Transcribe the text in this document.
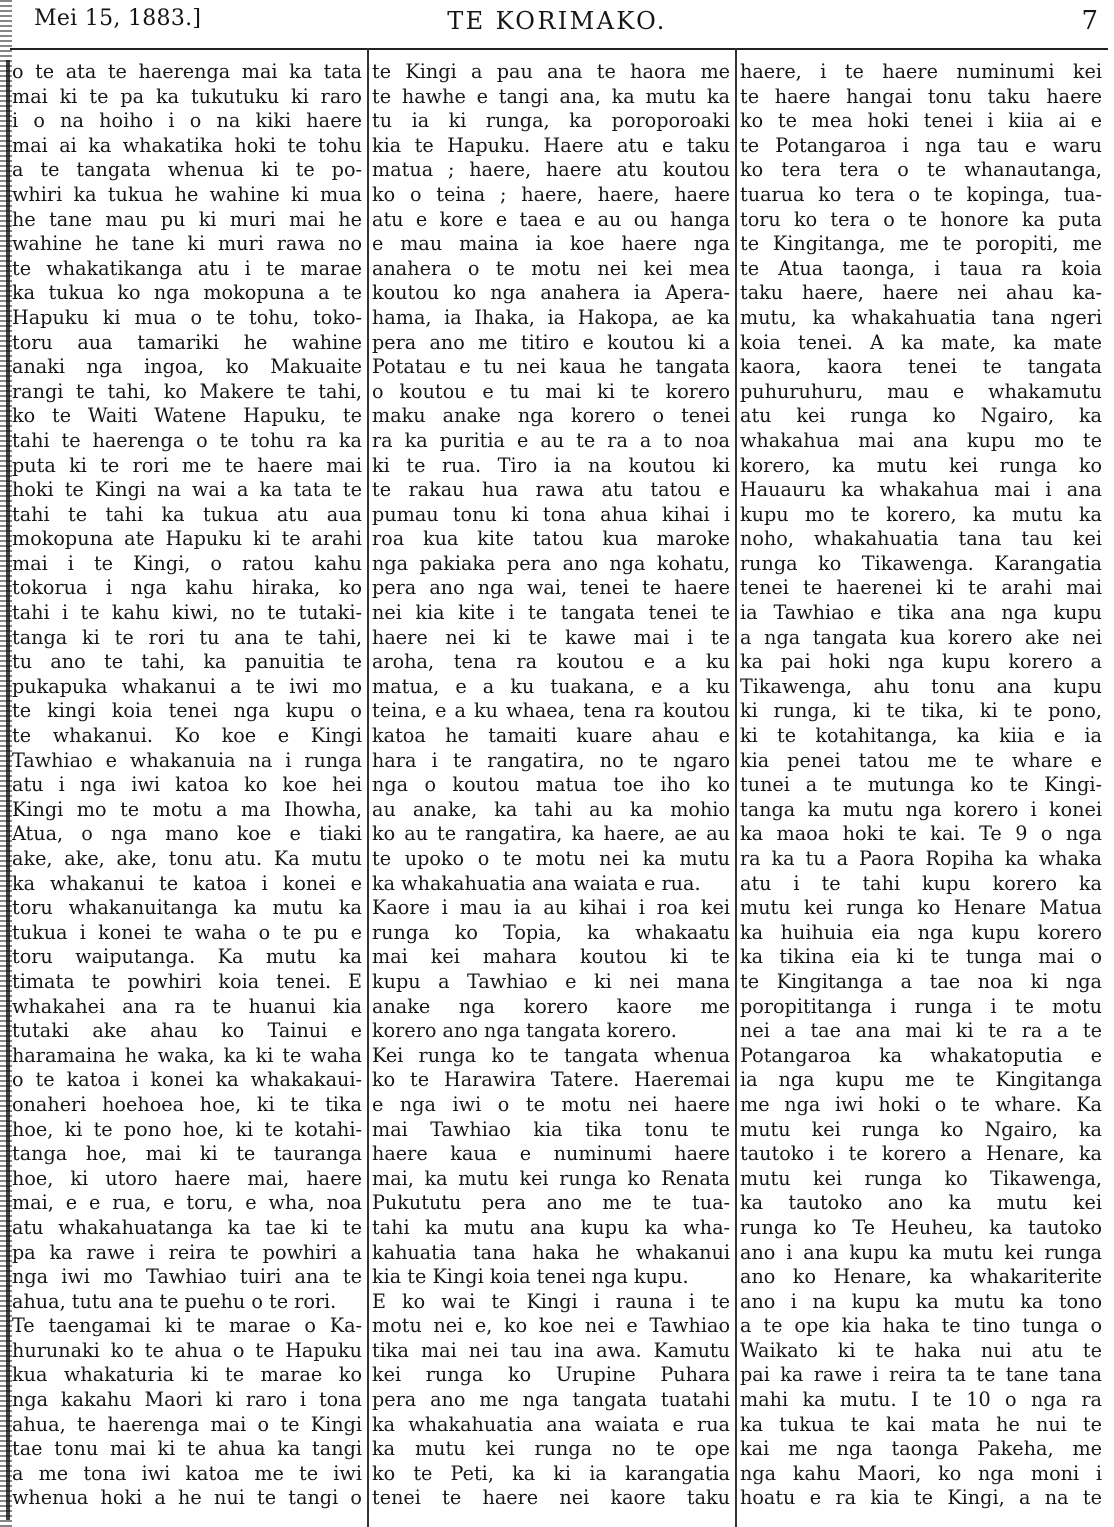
Mei 15, 1883.]	TE KORIMAKO.	7
o te ata te haerenga mai ka tata
mai ki te pa ka tukutuku ki raro
i o na hoiho i o na kiki haere
mai ai ka whakatika hoki te tohu
a te tangata whenua ki te po-
whiri ka tukua he wahine ki mua
he tane mau pu ki muri mai he
wahine he tane ki muri rawa no
te whakatikanga atu i te marae
ka tukua ko nga mokopuna a te
Hapuku ki mua o te tohu, toko-
toru aua tamariki he wahine
anaki nga ingoa, ko Makuaite
rangi te tahi, ko Makere te tahi,
ko te Waiti Watene Hapuku, te
tahi te haerenga o te tohu ra ka
puta ki te rori me te haere mai
hoki te Kingi na wai a ka tata te
tahi te tahi ka tukua atu aua
mokopuna ate Hapuku ki te arahi
mai i te Kingi, o ratou kahu
tokorua i nga kahu hiraka, ko
tahi i te kahu kiwi, no te tutaki-
tanga ki te rori tu ana te tahi,
tu ano te tahi, ka panuitia te
pukapuka whakanui a te iwi mo
te kingi koia tenei nga kupu o
te whakanui. Ko koe e Kingi
Tawhiao e whakanuia na i runga
atu i nga iwi katoa ko koe hei
Kingi mo te motu a ma Ihowha,
Atua, o nga mano koe e tiaki
ake, ake, ake, tonu atu. Ka mutu
ka whakanui te katoa i konei e
toru whakanuitanga ka mutu ka
tukua i konei te waha o te pu e
toru waiputanga. Ka mutu ka
timata te powhiri koia tenei. E
whakahei ana ra te huanui kia
tutaki ake ahau ko Tainui e
haramaina he waka, ka ki te waha
o te katoa i konei ka whakakaui-
onaheri hoehoea hoe, ki te tika
hoe, ki te pono hoe, ki te kotahi-
tanga hoe, mai ki te tauranga
hoe, ki utoro haere mai, haere
mai, e e rua, e toru, e wha, noa
atu whakahuatanga ka tae ki te
pa ka rawe i reira te powhiri a
nga iwi mo Tawhiao tuiri ana te
ahua, tutu ana te puehu o te rori.
Te taengamai ki te marae o Ka-
hurunaki ko te ahua o te Hapuku
kua whakaturia ki te marae ko
nga kakahu Maori ki raro i tona
ahua, te haerenga mai o te Kingi
tae tonu mai ki te ahua ka tangi
a me tona iwi katoa me te iwi
whenua hoki a he nui te tangi o
te Kingi a pau ana te haora me
te hawhe e tangi ana, ka mutu ka
tu ia ki runga, ka poroporoaki
kia te Hapuku. Haere atu e taku
matua ; haere, haere atu koutou
ko o teina ; haere, haere, haere
atu e kore e taea e au ou hanga
e mau maina ia koe haere nga
anahera o te motu nei kei mea
koutou ko nga anahera ia Apera-
hama, ia Ihaka, ia Hakopa, ae ka
pera ano me titiro e koutou ki a
Potatau e tu nei kaua he tangata
o koutou e tu mai ki te korero
maku anake nga korero o tenei
ra ka puritia e au te ra a to noa
ki te rua. Tiro ia na koutou ki
te rakau hua rawa atu tatou e
pumau tonu ki tona ahua kihai i
roa kua kite tatou kua maroke
nga pakiaka pera ano nga kohatu,
pera ano nga wai, tenei te haere
nei kia kite i te tangata tenei te
haere nei ki te kawe mai i te
aroha, tena ra koutou e a ku
matua, e a ku tuakana, e a ku
teina, e a ku whaea, tena ra koutou
katoa he tamaiti kuare ahau e
hara i te rangatira, no te ngaro
nga o koutou matua toe iho ko
au anake, ka tahi au ka mohio
ko au te rangatira, ka haere, ae au
te upoko o te motu nei ka mutu
ka whakahuatia ana waiata e rua.
Kaore i mau ia au kihai i roa kei
runga ko Topia, ka whakaatu
mai kei mahara koutou ki te
kupu a Tawhiao e ki nei mana
anake nga korero kaore me
korero ano nga tangata korero.
Kei runga ko te tangata whenua
ko te Harawira Tatere. Haeremai
e nga iwi o te motu nei haere
mai Tawhiao kia tika tonu te
haere kaua e numinumi haere
mai, ka mutu kei runga ko Renata
Pukututu pera ano me te tua-
tahi ka mutu ana kupu ka wha-
kahuatia tana haka he whakanui
kia te Kingi koia tenei nga kupu.
E ko wai te Kingi i rauna i te
motu nei e, ko koe nei e Tawhiao
tika mai nei tau ina awa. Kamutu
kei runga ko Urupine Puhara
pera ano me nga tangata tuatahi
ka whakahuatia ana waiata e rua
ka mutu kei runga no te ope
ko te Peti, ka ki ia karangatia
tenei te haere nei kaore taku
haere, i te haere numinumi kei
te haere hangai tonu taku haere
ko te mea hoki tenei i kiia ai e
te Potangaroa i nga tau e waru
ko tera tera o te whanautanga,
tuarua ko tera o te kopinga, tua-
toru ko tera o te honore ka puta
te Kingitanga, me te poropiti, me
te Atua taonga, i taua ra koia
taku haere, haere nei ahau ka-
mutu, ka whakahuatia tana ngeri
koia tenei. A ka mate, ka mate
kaora, kaora tenei te tangata
puhuruhuru, mau e whakamutu
atu kei runga ko Ngairo, ka
whakahua mai ana kupu mo te
korero, ka mutu kei runga ko
Hauauru ka whakahua mai i ana
kupu mo te korero, ka mutu ka
noho, whakahuatia tana tau kei
runga ko Tikawenga. Karangatia
tenei te haerenei ki te arahi mai
ia Tawhiao e tika ana nga kupu
a nga tangata kua korero ake nei
ka pai hoki nga kupu korero a
Tikawenga, ahu tonu ana kupu
ki runga, ki te tika, ki te pono,
ki te kotahitanga, ka kiia e ia
kia penei tatou me te whare e
tunei a te mutunga ko te Kingi-
tanga ka mutu nga korero i konei
ka maoa hoki te kai. Te 9 o nga
ra ka tu a Paora Ropiha ka whaka
atu i te tahi kupu korero ka
mutu kei runga ko Henare Matua
ka huihuia eia nga kupu korero
ka tikina eia ki te tunga mai o
te Kingitanga a tae noa ki nga
poropititanga i runga i te motu
nei a tae ana mai ki te ra a te
Potangaroa ka whakatoputia e
ia nga kupu me te Kingitanga
me nga iwi hoki o te whare. Ka
mutu kei runga ko Ngairo, ka
tautoko i te korero a Henare, ka
mutu kei runga ko Tikawenga,
ka tautoko ano ka mutu kei
runga ko Te Heuheu, ka tautoko
ano i ana kupu ka mutu kei runga
ano ko Henare, ka whakariterite
ano i na kupu ka mutu ka tono
a te ope kia haka te tino tunga o
Waikato ki te haka nui atu te
pai ka rawe i reira ta te tane tana
mahi ka mutu. I te 10 o nga ra
ka tukua te kai mata he nui te
kai me nga taonga Pakeha, me
nga kahu Maori, ko nga moni i
hoatu e ra kia te Kingi, a na te
